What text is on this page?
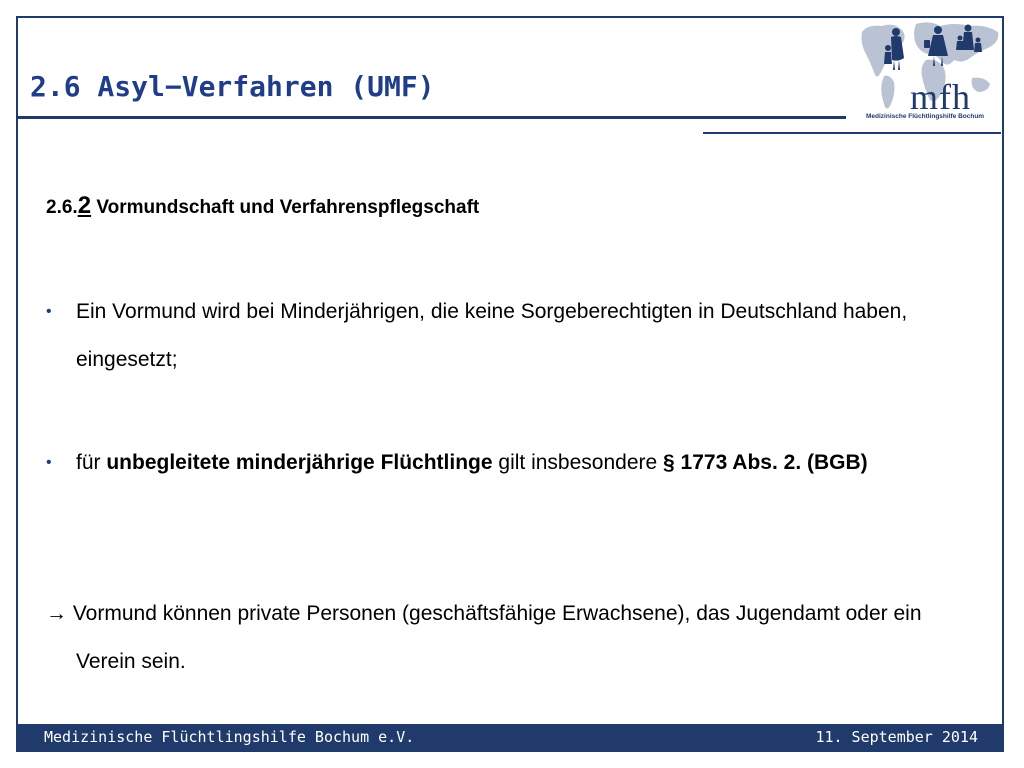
2.6 Asyl−Verfahren (UMF)	mfh
Medizinische Flüchtlingshilfe Bochum
2.6.2 Vormundschaft und Verfahrenspflegschaft
• Ein Vormund wird bei Minderjährigen, die keine Sorgeberechtigten in Deutschland haben, eingesetzt;
• für unbegleitete minderjährige Flüchtlinge gilt insbesondere § 1773 Abs. 2. (BGB)
→ Vormund können private Personen (geschäftsfähige Erwachsene), das Jugendamt oder ein Verein sein.
Medizinische Flüchtlingshilfe Bochum e.V.	11. September 2014
